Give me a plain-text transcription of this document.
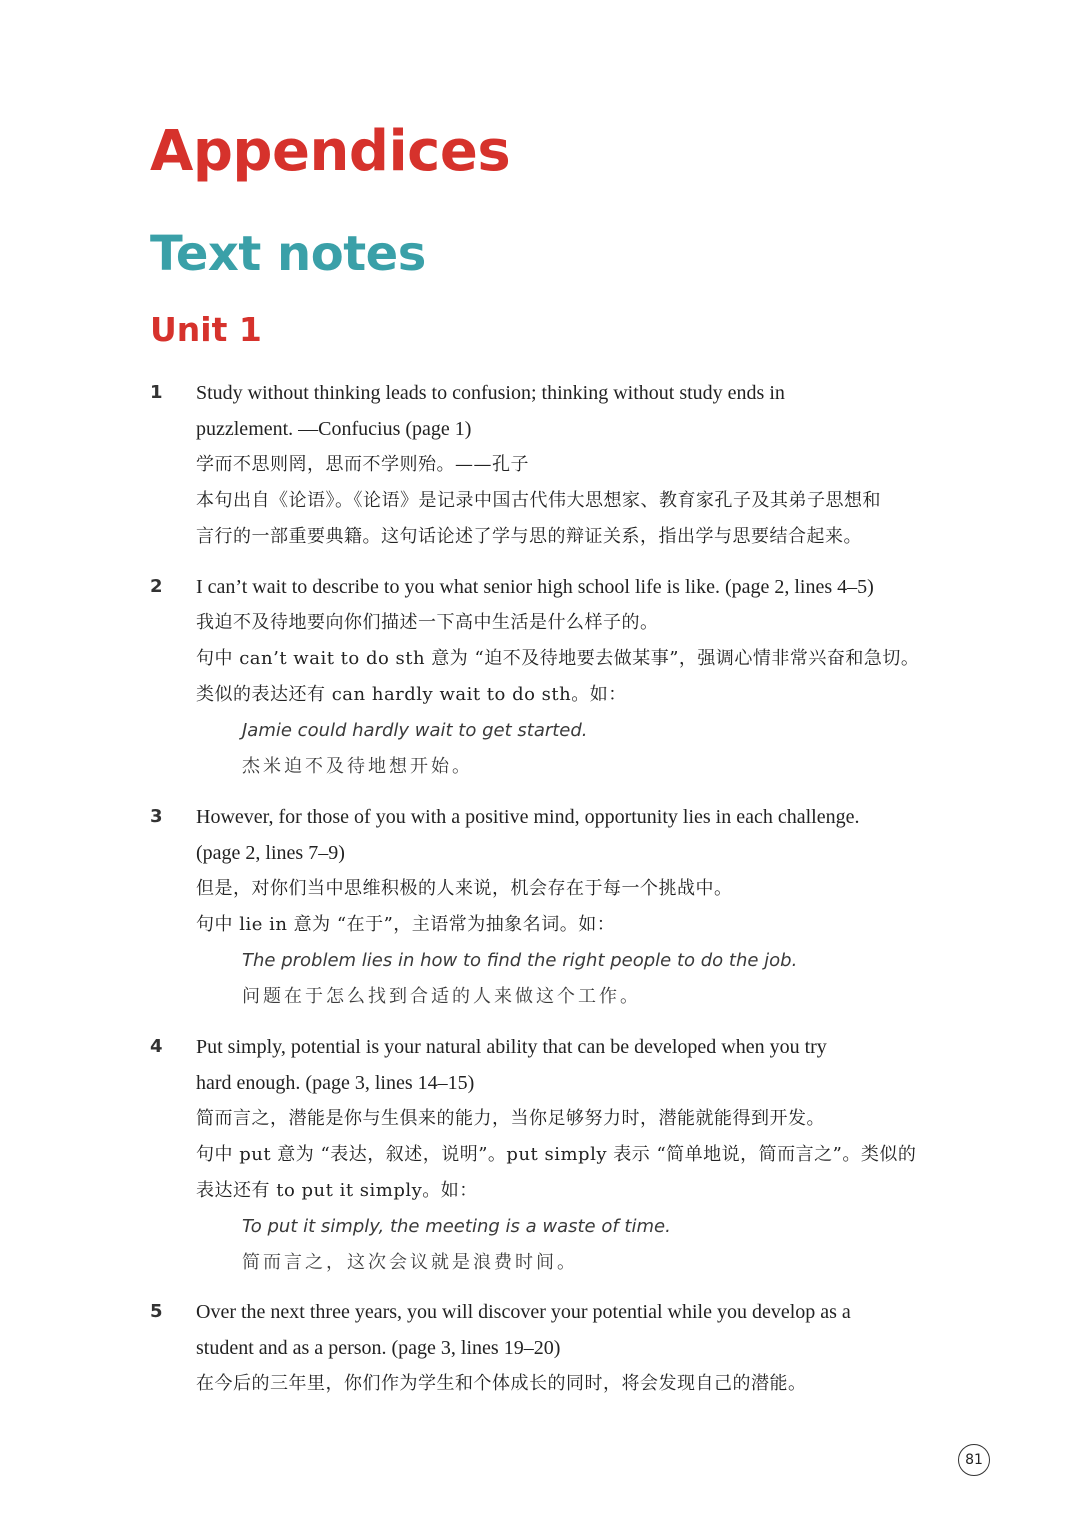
Appendices
Text notes
Unit 1
1 Study without thinking leads to confusion; thinking without study ends in
puzzlement. —Confucius (page 1)
学而不思则罔，思而不学则殆。——孔子
本句出自《论语》。《论语》是记录中国古代伟大思想家、教育家孔子及其弟子思想和
言行的一部重要典籍。这句话论述了学与思的辩证关系，指出学与思要结合起来。
2 I can’t wait to describe to you what senior high school life is like. (page 2, lines 4–5)
我迫不及待地要向你们描述一下高中生活是什么样子的。
句中 can’t wait to do sth 意为 “迫不及待地要去做某事”，强调心情非常兴奋和急切。
类似的表达还有 can hardly wait to do sth。如：
Jamie could hardly wait to get started.
杰米迫不及待地想开始。
3 However, for those of you with a positive mind, opportunity lies in each challenge.
(page 2, lines 7–9)
但是，对你们当中思维积极的人来说，机会存在于每一个挑战中。
句中 lie in 意为 “在于”，主语常为抽象名词。如：
The problem lies in how to find the right people to do the job.
问题在于怎么找到合适的人来做这个工作。
4 Put simply, potential is your natural ability that can be developed when you try
hard enough. (page 3, lines 14–15)
简而言之，潜能是你与生俱来的能力，当你足够努力时，潜能就能得到开发。
句中 put 意为 “表达，叙述，说明”。put simply 表示 “简单地说，简而言之”。类似的
表达还有 to put it simply。如：
To put it simply, the meeting is a waste of time.
简而言之，这次会议就是浪费时间。
5 Over the next three years, you will discover your potential while you develop as a
student and as a person. (page 3, lines 19–20)
在今后的三年里，你们作为学生和个体成长的同时，将会发现自己的潜能。
81
